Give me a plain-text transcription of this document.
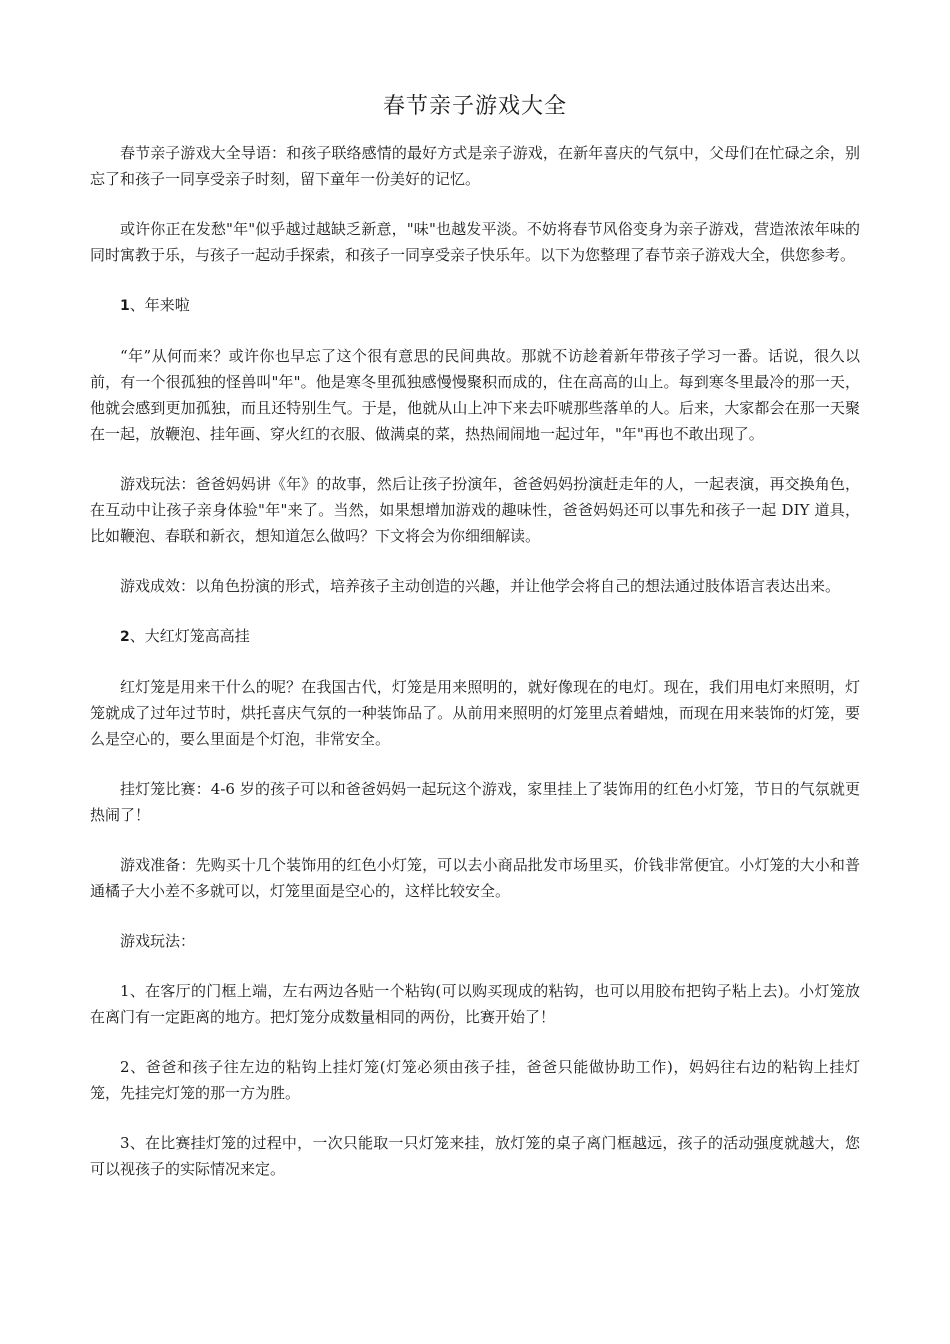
春节亲子游戏大全

春节亲子游戏大全导语：和孩子联络感情的最好方式是亲子游戏，在新年喜庆的气氛中，父母们在忙碌之余，别忘了和孩子一同享受亲子时刻，留下童年一份美好的记忆。

或许你正在发愁"年"似乎越过越缺乏新意，"味"也越发平淡。不妨将春节风俗变身为亲子游戏，营造浓浓年味的同时寓教于乐，与孩子一起动手探索，和孩子一同享受亲子快乐年。以下为您整理了春节亲子游戏大全，供您参考。

1、年来啦

“年”从何而来？或许你也早忘了这个很有意思的民间典故。那就不访趁着新年带孩子学习一番。话说，很久以前，有一个很孤独的怪兽叫"年"。他是寒冬里孤独感慢慢聚积而成的，住在高高的山上。每到寒冬里最冷的那一天，他就会感到更加孤独，而且还特别生气。于是，他就从山上冲下来去吓唬那些落单的人。后来，大家都会在那一天聚在一起，放鞭泡、挂年画、穿火红的衣服、做满桌的菜，热热闹闹地一起过年，"年"再也不敢出现了。

游戏玩法：爸爸妈妈讲《年》的故事，然后让孩子扮演年，爸爸妈妈扮演赶走年的人，一起表演，再交换角色，在互动中让孩子亲身体验"年"来了。当然，如果想增加游戏的趣味性，爸爸妈妈还可以事先和孩子一起 DIY 道具，比如鞭泡、春联和新衣，想知道怎么做吗？下文将会为你细细解读。

游戏成效：以角色扮演的形式，培养孩子主动创造的兴趣，并让他学会将自己的想法通过肢体语言表达出来。

2、大红灯笼高高挂

红灯笼是用来干什么的呢？在我国古代，灯笼是用来照明的，就好像现在的电灯。现在，我们用电灯来照明，灯笼就成了过年过节时，烘托喜庆气氛的一种装饰品了。从前用来照明的灯笼里点着蜡烛，而现在用来装饰的灯笼，要么是空心的，要么里面是个灯泡，非常安全。

挂灯笼比赛：4-6 岁的孩子可以和爸爸妈妈一起玩这个游戏，家里挂上了装饰用的红色小灯笼，节日的气氛就更热闹了！

游戏准备：先购买十几个装饰用的红色小灯笼，可以去小商品批发市场里买，价钱非常便宜。小灯笼的大小和普通橘子大小差不多就可以，灯笼里面是空心的，这样比较安全。

游戏玩法：

1、在客厅的门框上端，左右两边各贴一个粘钩(可以购买现成的粘钩，也可以用胶布把钩子粘上去)。小灯笼放在离门有一定距离的地方。把灯笼分成数量相同的两份，比赛开始了！

2、爸爸和孩子往左边的粘钩上挂灯笼(灯笼必须由孩子挂，爸爸只能做协助工作)，妈妈往右边的粘钩上挂灯笼，先挂完灯笼的那一方为胜。

3、在比赛挂灯笼的过程中，一次只能取一只灯笼来挂，放灯笼的桌子离门框越远，孩子的活动强度就越大，您可以视孩子的实际情况来定。
